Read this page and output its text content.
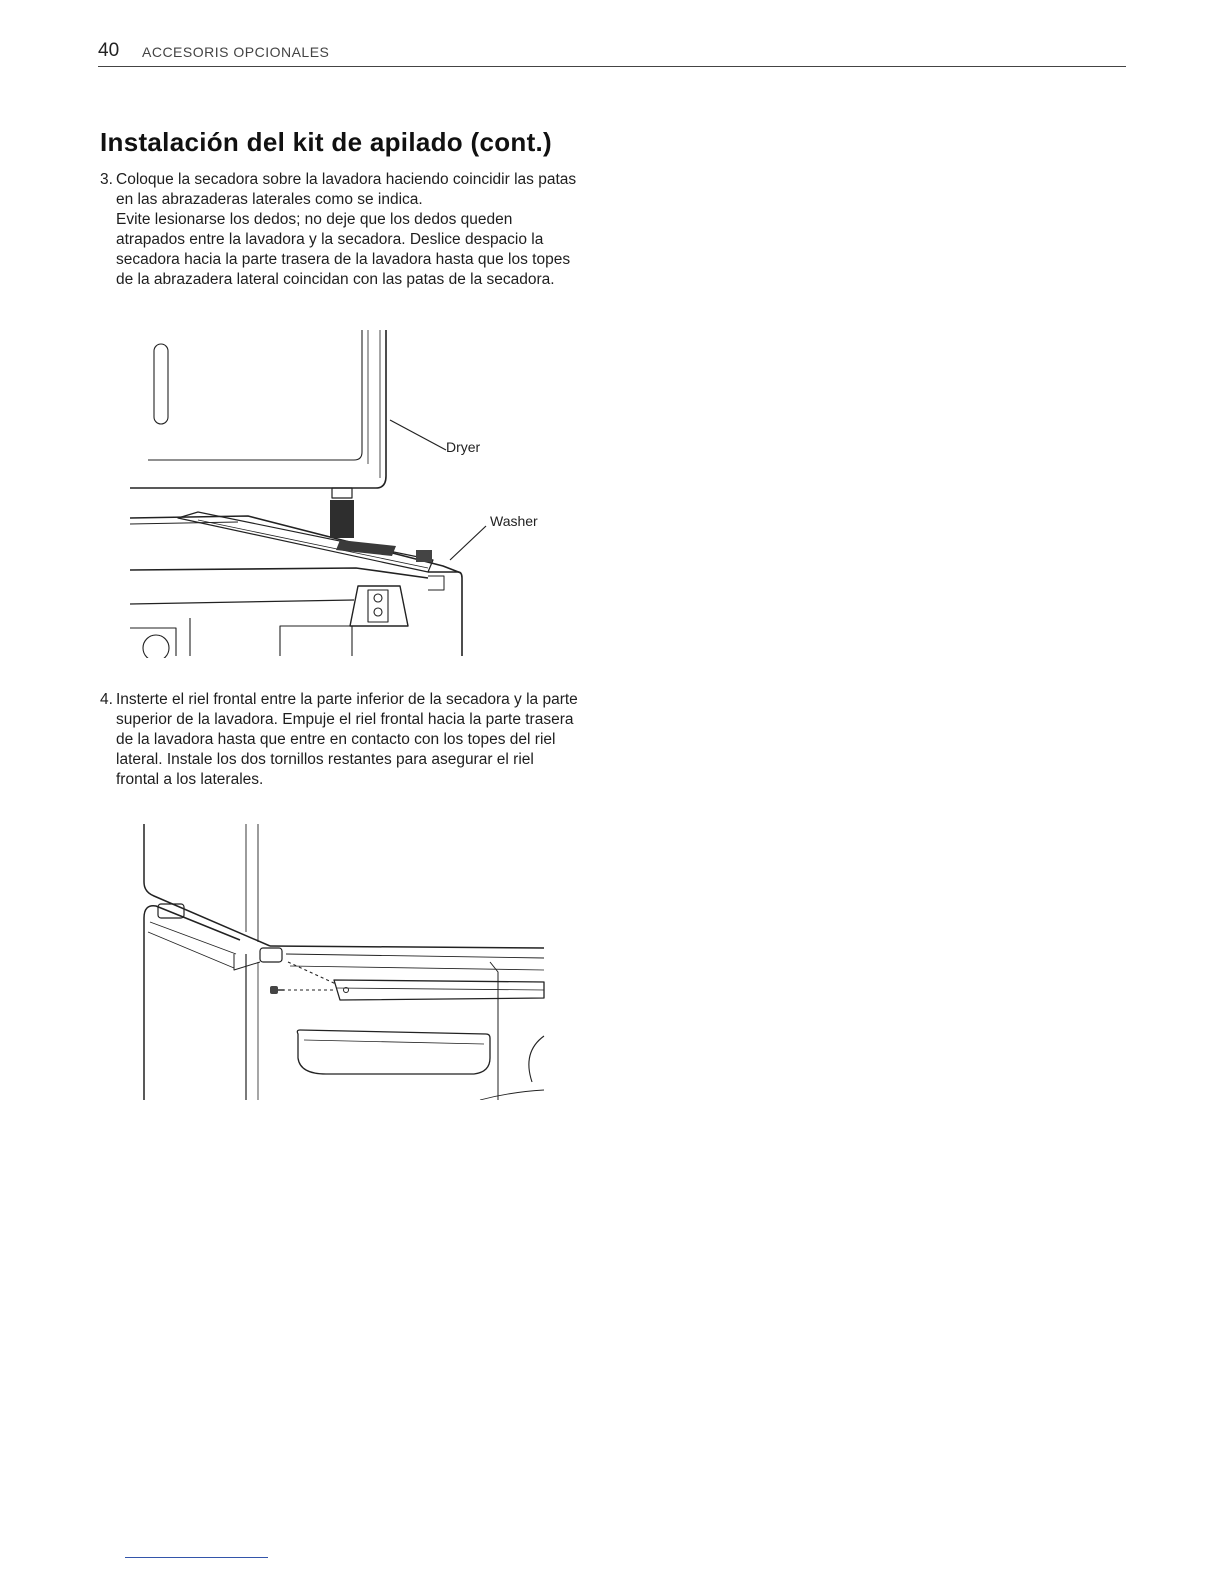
40 ACCESORIS OPCIONALES
Instalación del kit de apilado (cont.)
3. Coloque la secadora sobre la lavadora haciendo coincidir las patas en las abrazaderas laterales como se indica.

Evite lesionarse los dedos; no deje que los dedos queden atrapados entre la lavadora y la secadora. Deslice despacio la secadora hacia la parte trasera de la lavadora hasta que los topes de la abrazadera lateral coincidan con las patas de la secadora.

Dryer
Washer
4. Insterte el riel frontal entre la parte inferior de la secadora y la parte superior de la lavadora. Empuje el riel frontal hacia la parte trasera de la lavadora hasta que entre en contacto con los topes del riel lateral. Instale los dos tornillos restantes para asegurar el riel frontal a los laterales.
